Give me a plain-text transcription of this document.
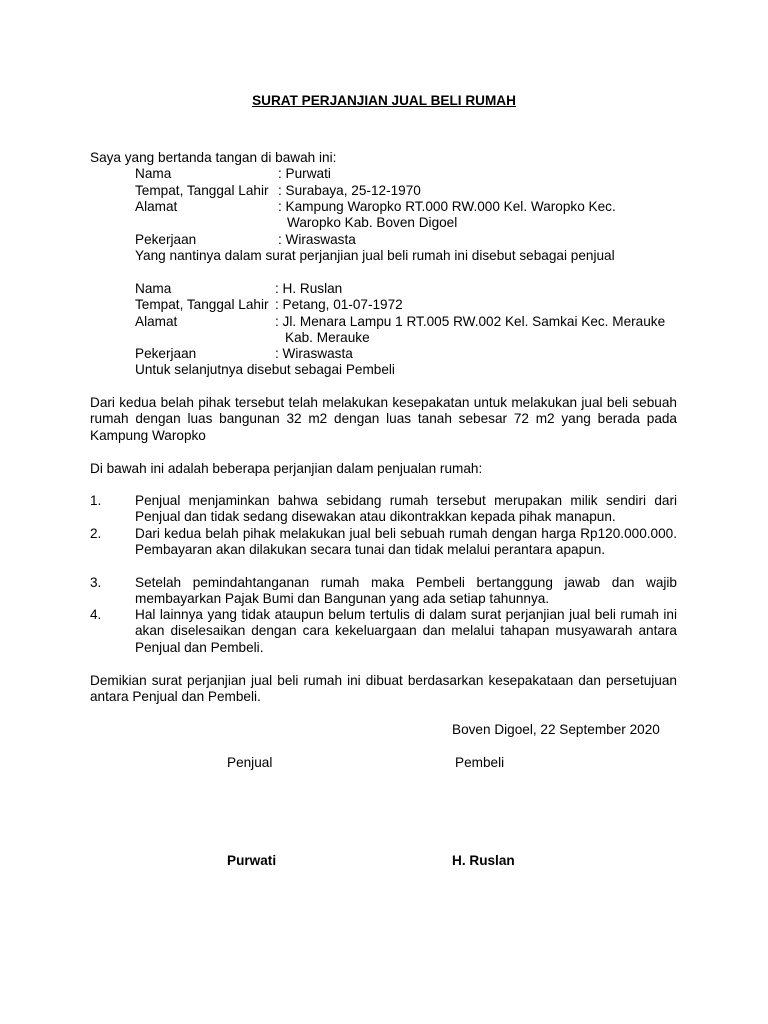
SURAT PERJANJIAN JUAL BELI RUMAH
Saya yang bertanda tangan di bawah ini:
Nama	: Purwati
Tempat, Tanggal Lahir : Surabaya, 25-12-1970
Alamat	: Kampung Waropko RT.000 RW.000 Kel. Waropko Kec.
Waropko Kab. Boven Digoel
Pekerjaan	: Wiraswasta
Yang nantinya dalam surat perjanjian jual beli rumah ini disebut sebagai penjual
Nama	: H. Ruslan
Tempat, Tanggal Lahir : Petang, 01-07-1972
Alamat	: Jl. Menara Lampu 1 RT.005 RW.002 Kel. Samkai Kec. Merauke
Kab. Merauke
Pekerjaan	: Wiraswasta
Untuk selanjutnya disebut sebagai Pembeli
Dari kedua belah pihak tersebut telah melakukan kesepakatan untuk melakukan jual beli sebuah rumah dengan luas bangunan 32 m2 dengan luas tanah sebesar 72 m2 yang berada pada Kampung Waropko
Di bawah ini adalah beberapa perjanjian dalam penjualan rumah:
1. Penjual menjaminkan bahwa sebidang rumah tersebut merupakan milik sendiri dari Penjual dan tidak sedang disewakan atau dikontrakkan kepada pihak manapun.
2. Dari kedua belah pihak melakukan jual beli sebuah rumah dengan harga Rp120.000.000. Pembayaran akan dilakukan secara tunai dan tidak melalui perantara apapun.
3. Setelah pemindahtanganan rumah maka Pembeli bertanggung jawab dan wajib membayarkan Pajak Bumi dan Bangunan yang ada setiap tahunnya.
4. Hal lainnya yang tidak ataupun belum tertulis di dalam surat perjanjian jual beli rumah ini akan diselesaikan dengan cara kekeluargaan dan melalui tahapan musyawarah antara Penjual dan Pembeli.
Demikian surat perjanjian jual beli rumah ini dibuat berdasarkan kesepakataan dan persetujuan antara Penjual dan Pembeli.
Boven Digoel, 22 September 2020
Penjual	Pembeli
Purwati	H. Ruslan
